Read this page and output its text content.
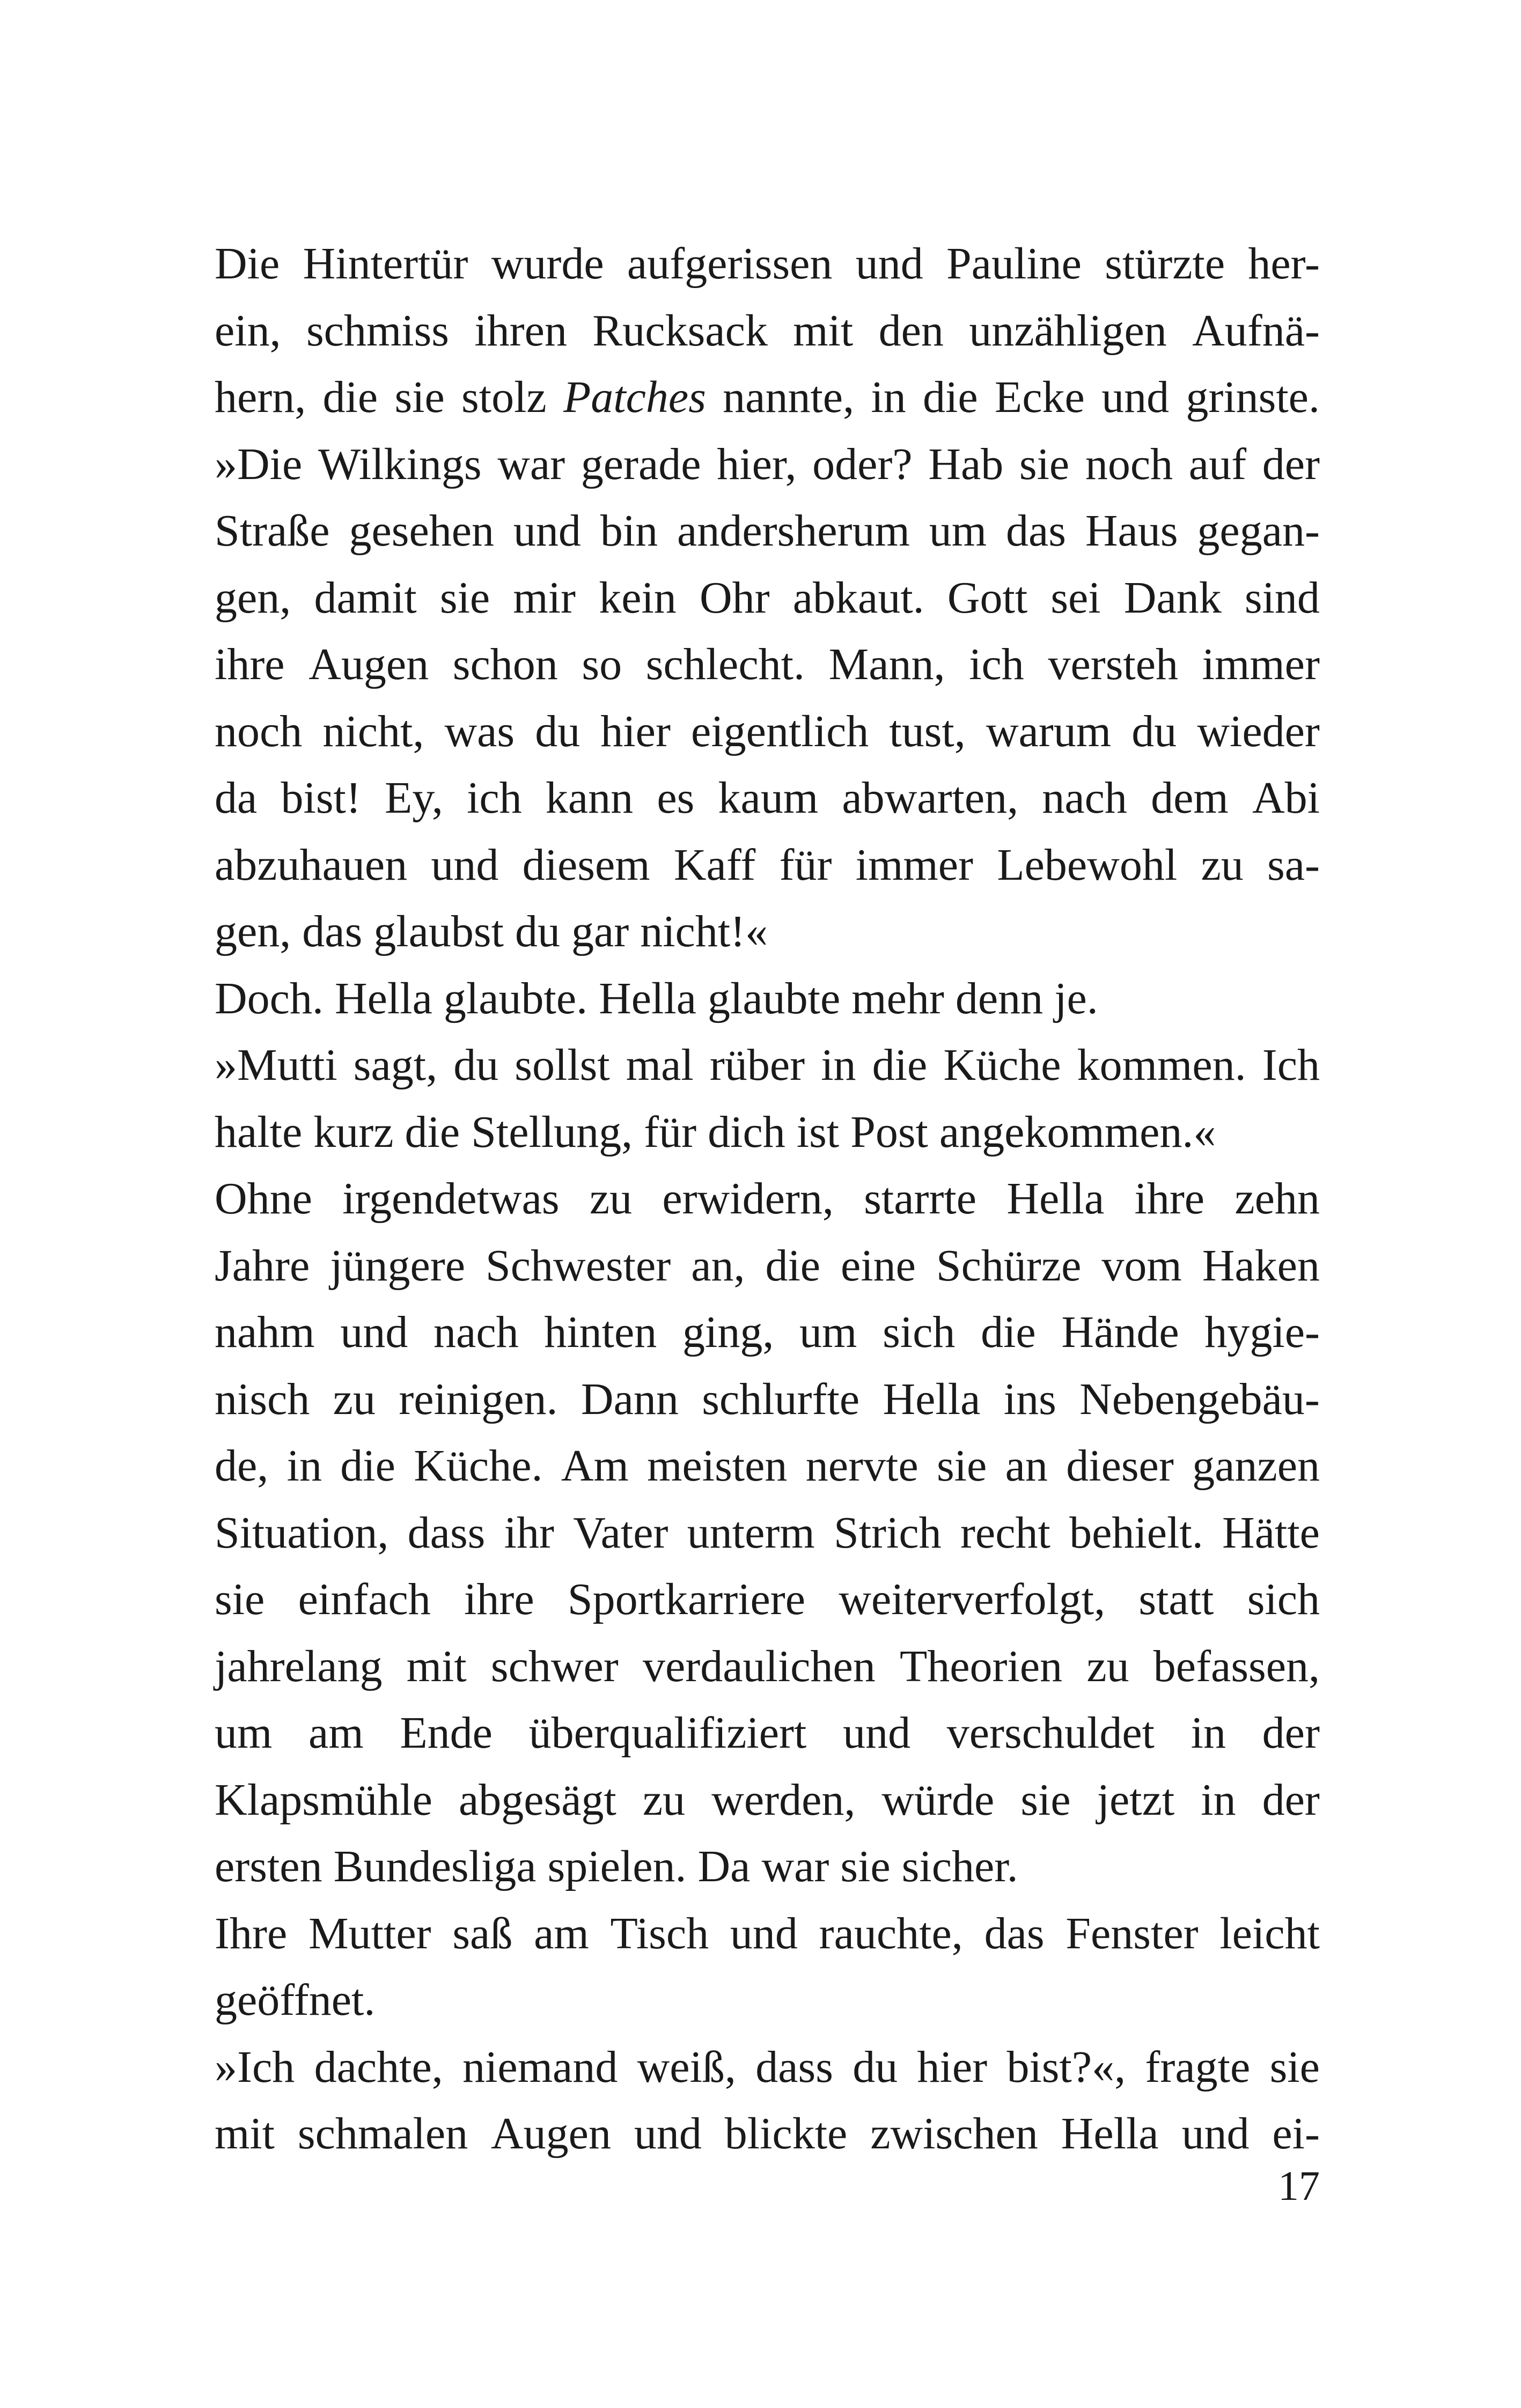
Die Hintertür wurde aufgerissen und Pauline stürzte her-
ein, schmiss ihren Rucksack mit den unzähligen Aufnä-
hern, die sie stolz Patches nannte, in die Ecke und grinste.
»Die Wilkings war gerade hier, oder? Hab sie noch auf der
Straße gesehen und bin andersherum um das Haus gegan-
gen, damit sie mir kein Ohr abkaut. Gott sei Dank sind
ihre Augen schon so schlecht. Mann, ich versteh immer
noch nicht, was du hier eigentlich tust, warum du wieder
da bist! Ey, ich kann es kaum abwarten, nach dem Abi
abzuhauen und diesem Kaff für immer Lebewohl zu sa-
gen, das glaubst du gar nicht!«
Doch. Hella glaubte. Hella glaubte mehr denn je.
»Mutti sagt, du sollst mal rüber in die Küche kommen. Ich
halte kurz die Stellung, für dich ist Post angekommen.«
Ohne irgendetwas zu erwidern, starrte Hella ihre zehn
Jahre jüngere Schwester an, die eine Schürze vom Haken
nahm und nach hinten ging, um sich die Hände hygie-
nisch zu reinigen. Dann schlurfte Hella ins Nebengebäu-
de, in die Küche. Am meisten nervte sie an dieser ganzen
Situation, dass ihr Vater unterm Strich recht behielt. Hätte
sie einfach ihre Sportkarriere weiterverfolgt, statt sich
jahrelang mit schwer verdaulichen Theorien zu befassen,
um am Ende überqualifiziert und verschuldet in der
Klapsmühle abgesägt zu werden, würde sie jetzt in der
ersten Bundesliga spielen. Da war sie sicher.
Ihre Mutter saß am Tisch und rauchte, das Fenster leicht
geöffnet.
»Ich dachte, niemand weiß, dass du hier bist?«, fragte sie
mit schmalen Augen und blickte zwischen Hella und ei-
17
